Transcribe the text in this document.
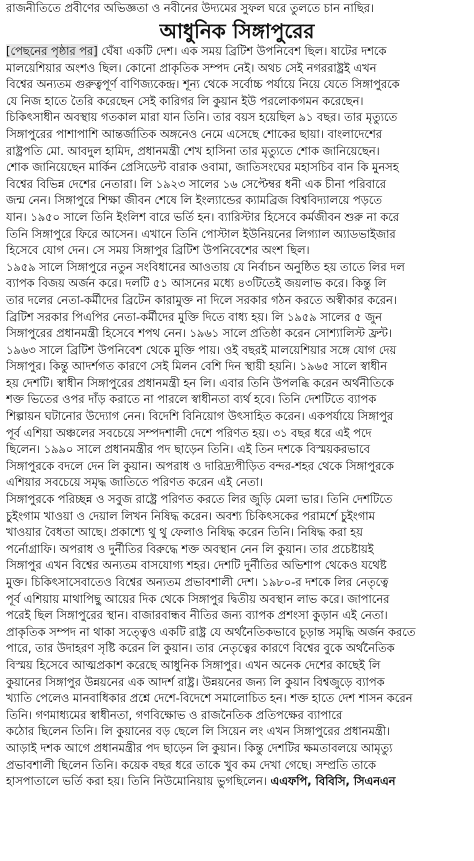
রাজনীতিতে প্রবীণের অভিজ্ঞতা ও নবীনের উদ্যমের সুফল ঘরে তুলতে চান নাছির।
আধুনিক সিঙ্গাপুরের
[পেছনের পৃষ্ঠার পর] ঘেঁষা একটি দেশ। এক সময় ব্রিটিশ উপনিবেশ ছিল। ষাটের দশকে
মালয়েশিয়ার অংশও ছিল। কোনো প্রাকৃতিক সম্পদ নেই। অথচ সেই নগররাষ্ট্রই এখন
বিশ্বের অন্যতম গুরুত্বপূর্ণ বাণিজ্যকেন্দ্র। শূন্য থেকে সর্বোচ্চ পর্যায়ে নিয়ে যেতে সিঙ্গাপুরকে
যে নিজ হাতে তৈরি করেছেন সেই কারিগর লি কুয়ান ইউ পরলোকগমন করেছেন।
চিকিৎসাধীন অবস্থায় গতকাল মারা যান তিনি। তার বয়স হয়েছিল ৯১ বছর। তার মৃত্যুতে
সিঙ্গাপুরের পাশাপাশি আন্তর্জাতিক অঙ্গনেও নেমে এসেছে শোকের ছায়া। বাংলাদেশের
রাষ্ট্রপতি মো. আবদুল হামিদ, প্রধানমন্ত্রী শেখ হাসিনা তার মৃত্যুতে শোক জানিয়েছেন।
শোক জানিয়েছেন মার্কিন প্রেসিডেন্ট বারাক ওবামা, জাতিসংঘের মহাসচিব বান কি মুনসহ
বিশ্বের বিভিন্ন দেশের নেতারা। লি ১৯২৩ সালের ১৬ সেপ্টেম্বর ধনী এক চীনা পরিবারে
জন্ম নেন। সিঙ্গাপুরে শিক্ষা জীবন শেষে লি ইংল্যান্ডের ক্যামব্রিজ বিশ্ববিদ্যালয়ে পড়তে
যান। ১৯৫০ সালে তিনি ইংলিশ বারে ভর্তি হন। ব্যারিস্টার হিসেবে কর্মজীবন শুরু না করে
তিনি সিঙ্গাপুরে ফিরে আসেন। এখানে তিনি পোস্টাল ইউনিয়নের লিগ্যাল অ্যাডভাইজার
হিসেবে যোগ দেন। সে সময় সিঙ্গাপুর ব্রিটিশ উপনিবেশের অংশ ছিল।
১৯৫৯ সালে সিঙ্গাপুরে নতুন সংবিধানের আওতায় যে নির্বাচন অনুষ্ঠিত হয় তাতে লির দল
ব্যাপক বিজয় অর্জন করে। দলটি ৫১ আসনের মধ্যে ৪৩টিতেই জয়লাভ করে। কিন্তু লি
তার দলের নেতা-কর্মীদের ব্রিটেন কারামুক্ত না দিলে সরকার গঠন করতে অস্বীকার করেন।
ব্রিটিশ সরকার পিএপির নেতা-কর্মীদের মুক্তি দিতে বাধ্য হয়। লি ১৯৫৯ সালের ৫ জুন
সিঙ্গাপুরের প্রধানমন্ত্রী হিসেবে শপথ নেন। ১৯৬১ সালে প্রতিষ্ঠা করেন সোশ্যালিস্ট ফ্রন্ট।
১৯৬৩ সালে ব্রিটিশ উপনিবেশ থেকে মুক্তি পায়। ওই বছরই মালয়েশিয়ার সঙ্গে যোগ দেয়
সিঙ্গাপুর। কিন্তু আদর্শগত কারণে সেই মিলন বেশি দিন স্থায়ী হয়নি। ১৯৬৫ সালে স্বাধীন
হয় দেশটি। স্বাধীন সিঙ্গাপুরের প্রধানমন্ত্রী হন লি। এবার তিনি উপলব্ধি করেন অর্থনীতিকে
শক্ত ভিতের ওপর দাঁড় করাতে না পারলে স্বাধীনতা ব্যর্থ হবে। তিনি দেশটিতে ব্যাপক
শিল্পায়ন ঘটানোর উদ্যোগ নেন। বিদেশি বিনিয়োগ উৎসাহিত করেন। একপর্যায়ে সিঙ্গাপুর
পূর্ব এশিয়া অঞ্চলের সবচেয়ে সম্পদশালী দেশে পরিণত হয়। ৩১ বছর ধরে এই পদে
ছিলেন। ১৯৯০ সালে প্রধানমন্ত্রীর পদ ছাড়েন তিনি। এই তিন দশকে বিস্ময়করভাবে
সিঙ্গাপুরকে বদলে দেন লি কুয়ান। অপরাধ ও দারিদ্র্যপীড়িত বন্দর-শহর থেকে সিঙ্গাপুরকে
এশিয়ার সবচেয়ে সমৃদ্ধ জাতিতে পরিণত করেন এই নেতা।
সিঙ্গাপুরকে পরিচ্ছন্ন ও সবুজ রাষ্ট্রে পরিণত করতে লির জুড়ি মেলা ভার। তিনি দেশটিতে
চুইংগাম খাওয়া ও দেয়াল লিখন নিষিদ্ধ করেন। অবশ্য চিকিৎসকের পরামর্শে চুইংগাম
খাওয়ার বৈধতা আছে। প্রকাশ্যে থু থু ফেলাও নিষিদ্ধ করেন তিনি। নিষিদ্ধ করা হয়
পর্নোগ্রাফি। অপরাধ ও দুর্নীতির বিরুদ্ধে শক্ত অবস্থান নেন লি কুয়ান। তার প্রচেষ্টায়ই
সিঙ্গাপুর এখন বিশ্বের অন্যতম বাসযোগ্য শহর। দেশটি দুর্নীতির অভিশাপ থেকেও যথেষ্ট
মুক্ত। চিকিৎসাসেবাতেও বিশ্বের অন্যতম প্রভাবশালী দেশ। ১৯৮০-র দশকে লির নেতৃত্বে
পূর্ব এশিয়ায় মাথাপিছু আয়ের দিক থেকে সিঙ্গাপুর দ্বিতীয় অবস্থান লাভ করে। জাপানের
পরেই ছিল সিঙ্গাপুরের স্থান। বাজারবান্ধব নীতির জন্য ব্যাপক প্রশংসা কুড়ান এই নেতা।
প্রাকৃতিক সম্পদ না থাকা সত্ত্বেও একটি রাষ্ট্র যে অর্থনৈতিকভাবে চূড়ান্ত সমৃদ্ধি অর্জন করতে
পারে, তার উদাহরণ সৃষ্টি করেন লি কুয়ান। তার নেতৃত্বের কারণে বিশ্বের বুকে অর্থনৈতিক
বিস্ময় হিসেবে আত্মপ্রকাশ করেছে আধুনিক সিঙ্গাপুর। এখন অনেক দেশের কাছেই লি
কুয়ানের সিঙ্গাপুর উন্নয়নের এক আদর্শ রাষ্ট্র। উন্নয়নের জন্য লি কুয়ান বিশ্বজুড়ে ব্যাপক
খ্যাতি পেলেও মানবাধিকার প্রশ্নে দেশে-বিদেশে সমালোচিত হন। শক্ত হাতে দেশ শাসন করেন
তিনি। গণমাধ্যমের স্বাধীনতা, গণবিক্ষোভ ও রাজনৈতিক প্রতিপক্ষের ব্যাপারে
কঠোর ছিলেন তিনি। লি কুয়ানের বড় ছেলে লি সিয়েন লং এখন সিঙ্গাপুরের প্রধানমন্ত্রী।
আড়াই দশক আগে প্রধানমন্ত্রীর পদ ছাড়েন লি কুয়ান। কিন্তু দেশটির ক্ষমতাবলয়ে আমৃত্যু
প্রভাবশালী ছিলেন তিনি। কয়েক বছর ধরে তাকে খুব কম দেখা গেছে। সম্প্রতি তাকে
হাসপাতালে ভর্তি করা হয়। তিনি নিউমোনিয়ায় ভুগছিলেন। এএফপি, বিবিসি, সিএনএন
